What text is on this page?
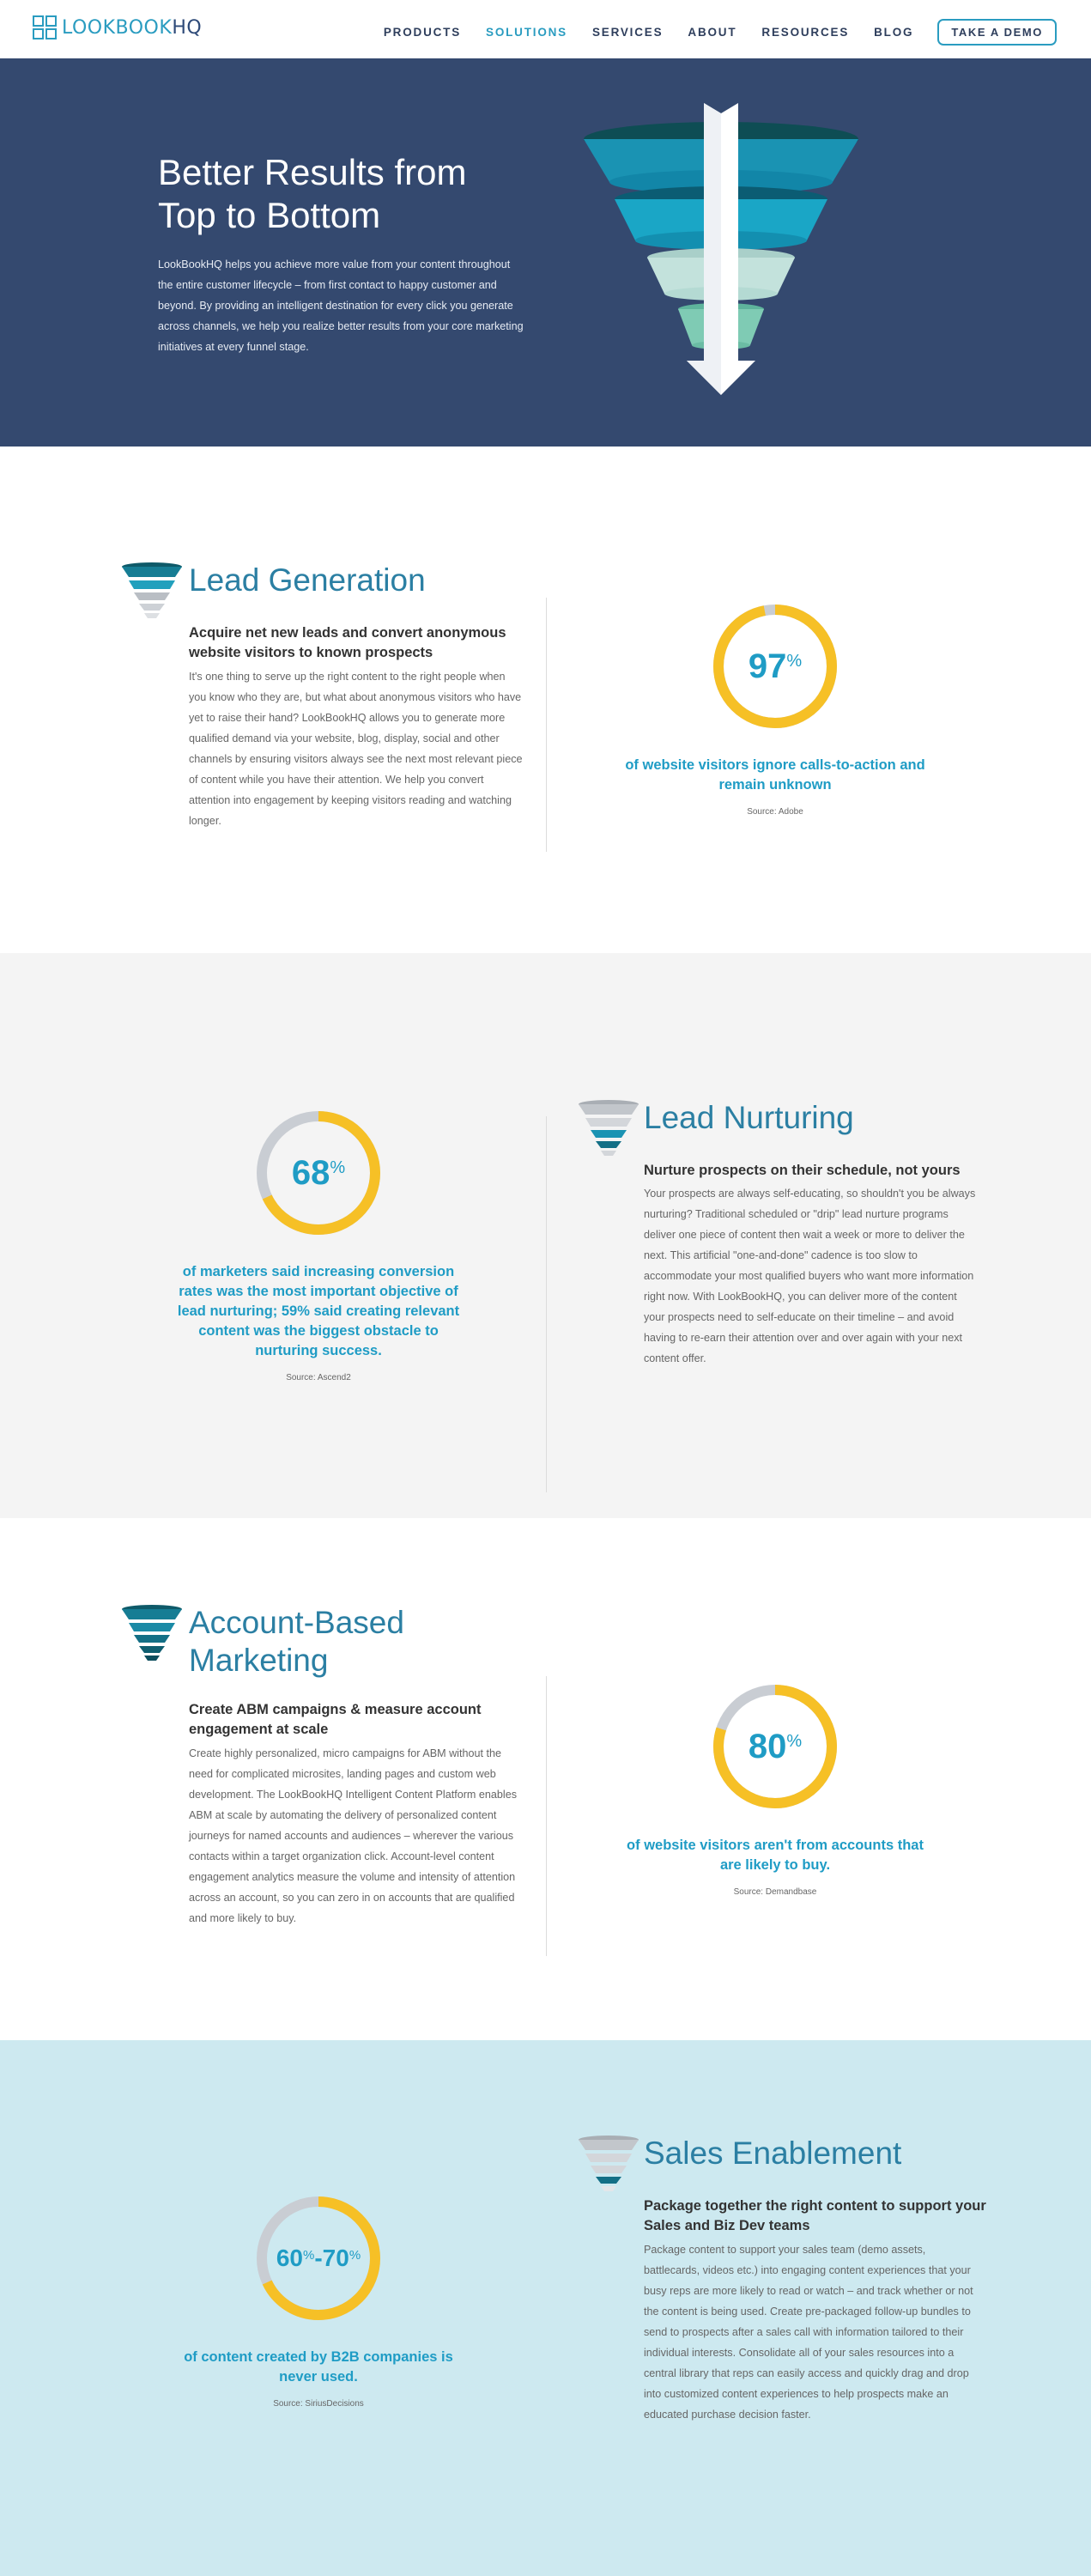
LOOKBOOKHQ	PRODUCTS SOLUTIONS SERVICES ABOUT RESOURCES BLOG	TAKE A DEMO
Better Results from Top to Bottom

LookBookHQ helps you achieve more value from your content throughout the entire customer lifecycle – from first contact to happy customer and beyond. By providing an intelligent destination for every click you generate across channels, we help you realize better results from your core marketing initiatives at every funnel stage.

Lead Generation
Acquire net new leads and convert anonymous website visitors to known prospects

It's one thing to serve up the right content to the right people when you know who they are, but what about anonymous visitors who have yet to raise their hand? LookBookHQ allows you to generate more qualified demand via your website, blog, display, social and other channels by ensuring visitors always see the next most relevant piece of content while you have their attention. We help you convert attention into engagement by keeping visitors reading and watching longer.

97%

of website visitors ignore calls-to-action and remain unknown

Source: Adobe

68%

of marketers said increasing conversion rates was the most important objective of lead nurturing; 59% said creating relevant content was the biggest obstacle to nurturing success.

Source: Ascend2

Lead Nurturing
Nurture prospects on their schedule, not yours

Your prospects are always self-educating, so shouldn't you be always nurturing? Traditional scheduled or "drip" lead nurture programs deliver one piece of content then wait a week or more to deliver the next. This artificial "one-and-done" cadence is too slow to accommodate your most qualified buyers who want more information right now. With LookBookHQ, you can deliver more of the content your prospects need to self-educate on their timeline – and avoid having to re-earn their attention over and over again with your next content offer.

Account-Based Marketing
Create ABM campaigns & measure account engagement at scale

Create highly personalized, micro campaigns for ABM without the need for complicated microsites, landing pages and custom web development. The LookBookHQ Intelligent Content Platform enables ABM at scale by automating the delivery of personalized content journeys for named accounts and audiences – wherever the various contacts within a target organization click. Account-level content engagement analytics measure the volume and intensity of attention across an account, so you can zero in on accounts that are qualified and more likely to buy.

80%

of website visitors aren't from accounts that are likely to buy.

Source: Demandbase

60% - 70%

of content created by B2B companies is never used.

Source: SiriusDecisions

Sales Enablement
Package together the right content to support your Sales and Biz Dev teams

Package content to support your sales team (demo assets, battlecards, videos etc.) into engaging content experiences that your busy reps are more likely to read or watch – and track whether or not the content is being used. Create pre-packaged follow-up bundles to send to prospects after a sales call with information tailored to their individual interests. Consolidate all of your sales resources into a central library that reps can easily access and quickly drag and drop into customized content experiences to help prospects make an educated purchase decision faster.
